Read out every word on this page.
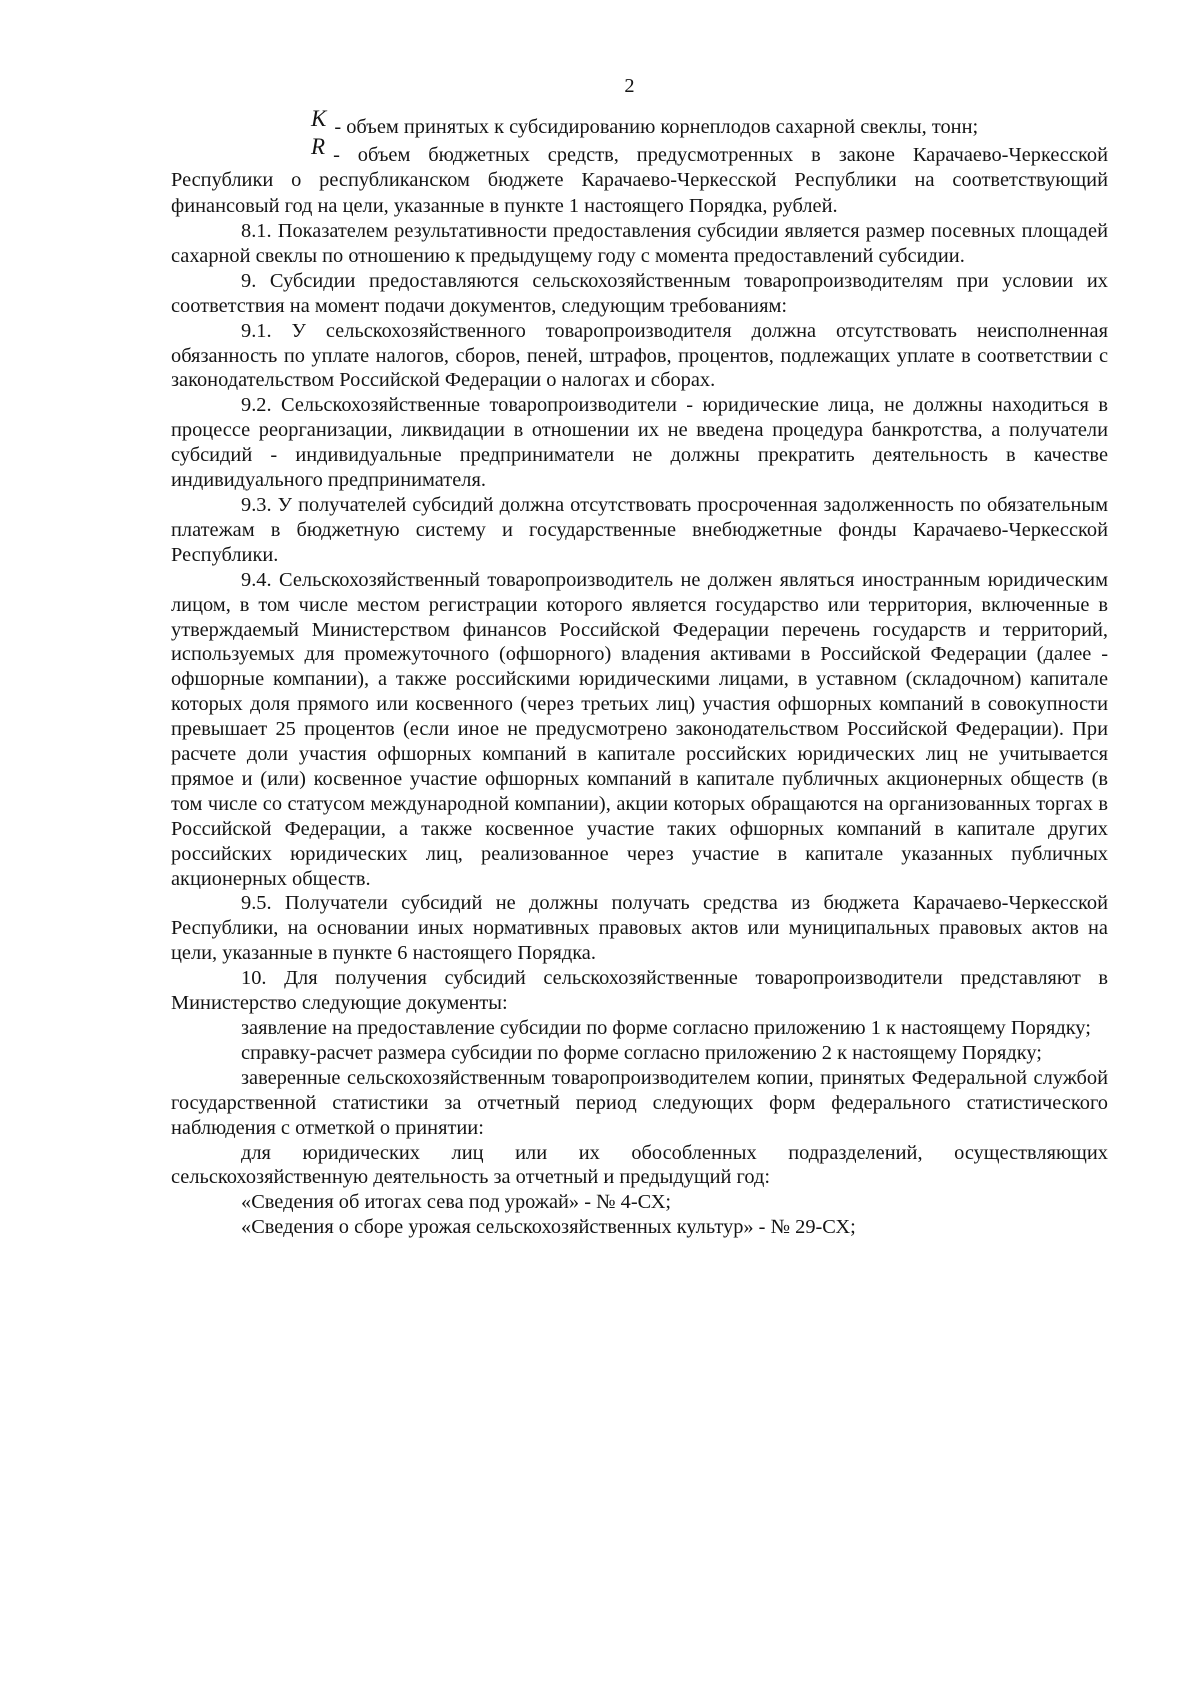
2

K - объем принятых к субсидированию корнеплодов сахарной свеклы, тонн;

R - объем бюджетных средств, предусмотренных в законе Карачаево-Черкесской Республики о республиканском бюджете Карачаево-Черкесской Республики на соответствующий финансовый год на цели, указанные в пункте 1 настоящего Порядка, рублей.

8.1. Показателем результативности предоставления субсидии является размер посевных площадей сахарной свеклы по отношению к предыдущему году с момента предоставлений субсидии.

9. Субсидии предоставляются сельскохозяйственным товаропроизводителям при условии их соответствия на момент подачи документов, следующим требованиям:

9.1. У сельскохозяйственного товаропроизводителя должна отсутствовать неисполненная обязанность по уплате налогов, сборов, пеней, штрафов, процентов, подлежащих уплате в соответствии с законодательством Российской Федерации о налогах и сборах.

9.2. Сельскохозяйственные товаропроизводители - юридические лица, не должны находиться в процессе реорганизации, ликвидации в отношении их не введена процедура банкротства, а получатели субсидий - индивидуальные предприниматели не должны прекратить деятельность в качестве индивидуального предпринимателя.

9.3. У получателей субсидий должна отсутствовать просроченная задолженность по обязательным платежам в бюджетную систему и государственные внебюджетные фонды Карачаево-Черкесской Республики.

9.4. Сельскохозяйственный товаропроизводитель не должен являться иностранным юридическим лицом, в том числе местом регистрации которого является государство или территория, включенные в утверждаемый Министерством финансов Российской Федерации перечень государств и территорий, используемых для промежуточного (офшорного) владения активами в Российской Федерации (далее - офшорные компании), а также российскими юридическими лицами, в уставном (складочном) капитале которых доля прямого или косвенного (через третьих лиц) участия офшорных компаний в совокупности превышает 25 процентов (если иное не предусмотрено законодательством Российской Федерации). При расчете доли участия офшорных компаний в капитале российских юридических лиц не учитывается прямое и (или) косвенное участие офшорных компаний в капитале публичных акционерных обществ (в том числе со статусом международной компании), акции которых обращаются на организованных торгах в Российской Федерации, а также косвенное участие таких офшорных компаний в капитале других российских юридических лиц, реализованное через участие в капитале указанных публичных акционерных обществ.

9.5. Получатели субсидий не должны получать средства из бюджета Карачаево-Черкесской Республики, на основании иных нормативных правовых актов или муниципальных правовых актов на цели, указанные в пункте 6 настоящего Порядка.

10. Для получения субсидий сельскохозяйственные товаропроизводители представляют в Министерство следующие документы:

заявление на предоставление субсидии по форме согласно приложению 1 к настоящему Порядку;

справку-расчет размера субсидии по форме согласно приложению 2 к настоящему Порядку;

заверенные сельскохозяйственным товаропроизводителем копии, принятых Федеральной службой государственной статистики за отчетный период следующих форм федерального статистического наблюдения с отметкой о принятии:

для юридических лиц или их обособленных подразделений, осуществляющих сельскохозяйственную деятельность за отчетный и предыдущий год:

«Сведения об итогах сева под урожай» - № 4-СХ;

«Сведения о сборе урожая сельскохозяйственных культур» - № 29-СХ;
